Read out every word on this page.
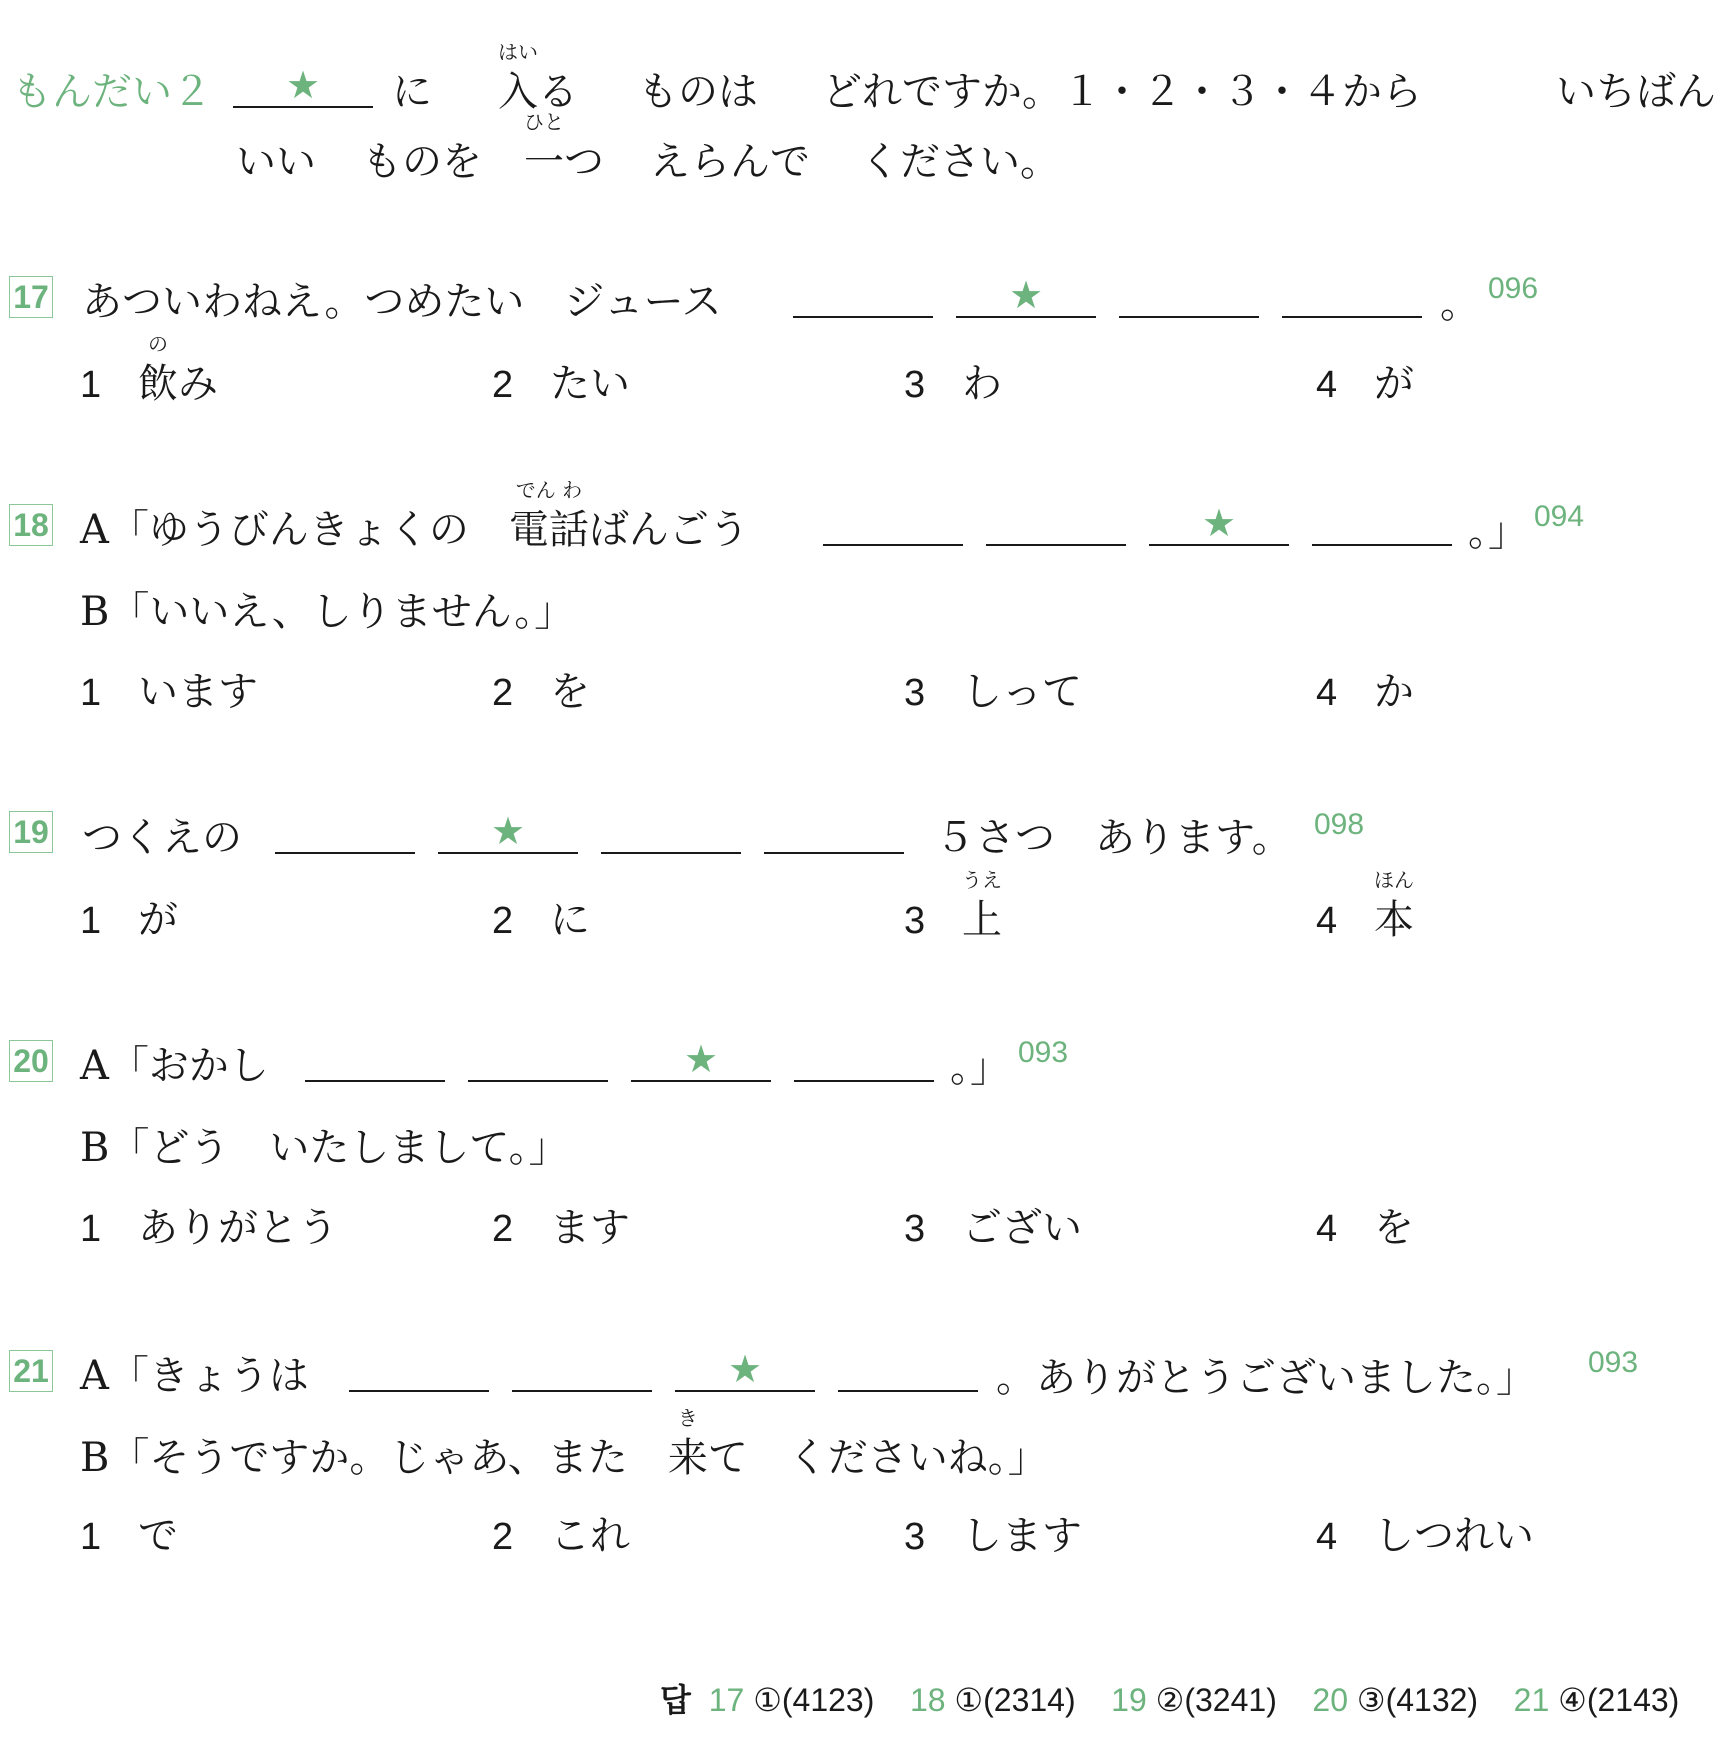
もんだい２ ★ に
はい
入る ものは どれですか。１・２・３・４から	いちばん
いい ものを
ひと
一つ えらんで ください。
17 あついわねえ。つめたい　ジュース	★	。 096
1
の
飲み	2 たい	3 わ	4 が
18 A「ゆうびんきょくの
でん わ
電話ばんごう	★	。」 094
B「いいえ、しりません。」
1 います	2 を	3 しって	4 か
19 つくえの	★	５さつ　あります。 098
1 が	2 に	3
うえ
上	4
ほん
本
20 A「おかし	★	。」 093
B「どう　いたしまして。」
1 ありがとう	2 ます	3 ござい	4 を
21 A「きょうは	★	。ありがとうございました。」 093
B「そうですか。じゃあ、また
き
来て　くださいね。」
1 で	2 これ	3 します	4 しつれい
답 17 ①(4123) 18 ①(2314) 19 ②(3241) 20 ③(4132) 21 ④(2143)
